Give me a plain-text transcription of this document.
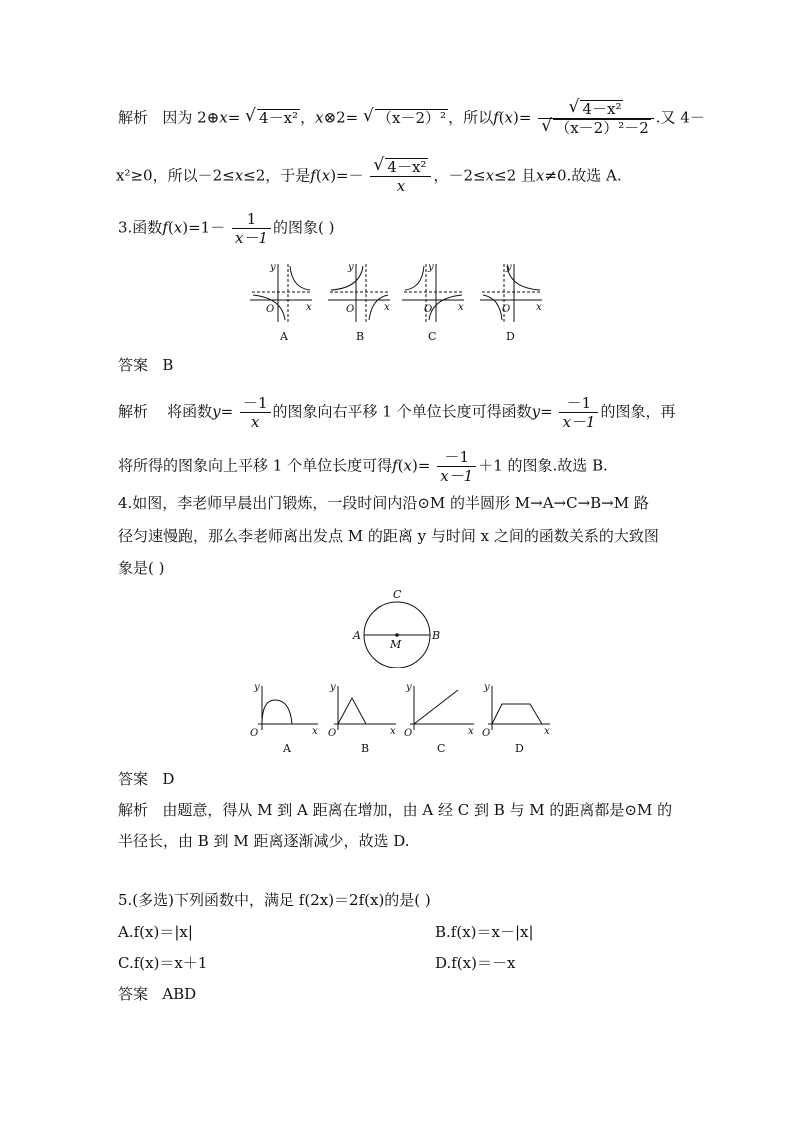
解析 因为 2⊕x= √ 4－x² ，x⊗2= √ （x－2）² ，所以$f(x)= \frac{\text{√ 4－x²}}{\text{√ （x－2）²－2}}$ .又 4－
x²≥0，所以－2≤x≤2，于是$f(x)=- \frac{\text{√ 4－x²}}{x}$ ，－2≤x≤2 且x≠0.故选 A.
3.函数$f(x)=1- \frac{1}{x-1}$ 的图象( )
y
x
O
y
x
O
y
x
O
y
x
O
A	B	C	D
答案 B
解析 将函数$y= \frac{-1}{x}$ 的图象向右平移 1 个单位长度可得函数$y= \frac{-1}{x-1}$ 的图象，再
将所得的图象向上平移 1 个单位长度可得$f(x)= \frac{-1}{x-1} +1$ 的图象.故选 B.
4.如图，李老师早晨出门锻炼，一段时间内沿⊙M 的半圆形 M→A→C→B→M 路
径匀速慢跑，那么李老师离出发点 M 的距离 y 与时间 x 之间的函数关系的大致图
象是( )
A	B
C
M
y
x
O
y
x
O
y
x
O
y
x
O
A	B	C	D
答案 D
解析 由题意，得从 M 到 A 距离在增加，由 A 经 C 到 B 与 M 的距离都是⊙M 的
半径长，由 B 到 M 距离逐渐减少，故选 D.
5.(多选)下列函数中，满足 f(2x)＝2f(x)的是( )
A.f(x)＝|x|	B.f(x)＝x－|x|
C.f(x)＝x＋1	D.f(x)＝－x
答案 ABD
